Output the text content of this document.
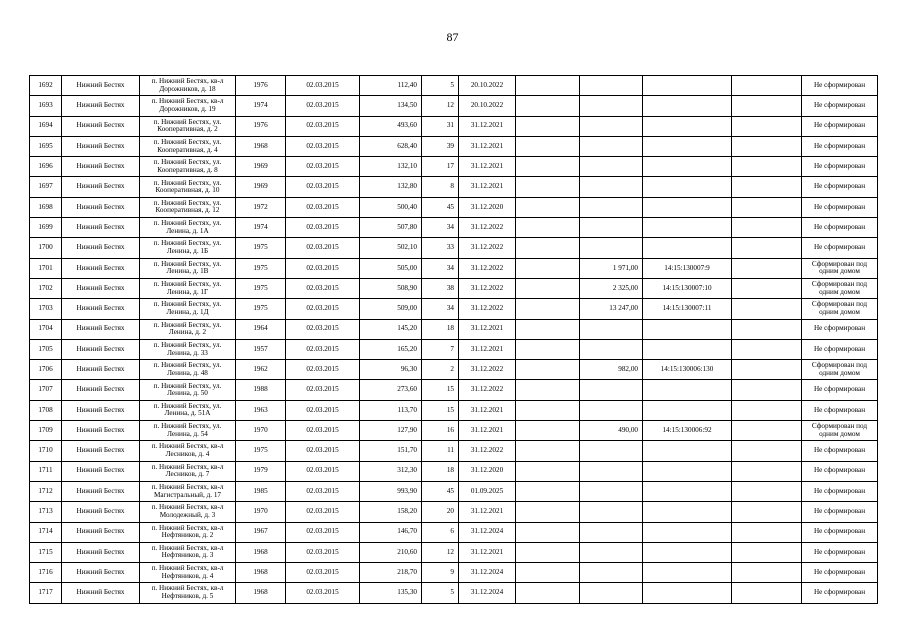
87
1692	Нижний Бестях	п. Нижний Бестях, кв-л Дорожников, д. 18	1976	02.03.2015	112,40	5	20.10.2022					Не сформирован
1693	Нижний Бестях	п. Нижний Бестях, кв-л Дорожников, д. 19	1974	02.03.2015	134,50	12	20.10.2022					Не сформирован
1694	Нижний Бестях	п. Нижний Бестях, ул. Кооперативная, д. 2	1976	02.03.2015	493,60	31	31.12.2021					Не сформирован
1695	Нижний Бестях	п. Нижний Бестях, ул. Кооперативная, д. 4	1968	02.03.2015	628,40	39	31.12.2021					Не сформирован
1696	Нижний Бестях	п. Нижний Бестях, ул. Кооперативная, д. 8	1969	02.03.2015	132,10	17	31.12.2021					Не сформирован
1697	Нижний Бестях	п. Нижний Бестях, ул. Кооперативная, д. 10	1969	02.03.2015	132,80	8	31.12.2021					Не сформирован
1698	Нижний Бестях	п. Нижний Бестях, ул. Кооперативная, д. 12	1972	02.03.2015	500,40	45	31.12.2020					Не сформирован
1699	Нижний Бестях	п. Нижний Бестях, ул. Ленина, д. 1А	1974	02.03.2015	507,80	34	31.12.2022					Не сформирован
1700	Нижний Бестях	п. Нижний Бестях, ул. Ленина, д. 1Б	1975	02.03.2015	502,10	33	31.12.2022					Не сформирован
1701	Нижний Бестях	п. Нижний Бестях, ул. Ленина, д. 1В	1975	02.03.2015	505,00	34	31.12.2022		1 971,00	14:15:130007:9		Сформирован под одним домом
1702	Нижний Бестях	п. Нижний Бестях, ул. Ленина, д. 1Г	1975	02.03.2015	508,90	38	31.12.2022		2 325,00	14:15:130007:10		Сформирован под одним домом
1703	Нижний Бестях	п. Нижний Бестях, ул. Ленина, д. 1Д	1975	02.03.2015	509,00	34	31.12.2022		13 247,00	14:15:130007:11		Сформирован под одним домом
1704	Нижний Бестях	п. Нижний Бестях, ул. Ленина, д. 2	1964	02.03.2015	145,20	18	31.12.2021					Не сформирован
1705	Нижний Бестях	п. Нижний Бестях, ул. Ленина, д. 33	1957	02.03.2015	165,20	7	31.12.2021					Не сформирован
1706	Нижний Бестях	п. Нижний Бестях, ул. Ленина, д. 48	1962	02.03.2015	96,30	2	31.12.2022		982,00	14:15:130006:130		Сформирован под одним домом
1707	Нижний Бестях	п. Нижний Бестях, ул. Ленина, д. 50	1988	02.03.2015	273,60	15	31.12.2022					Не сформирован
1708	Нижний Бестях	п. Нижний Бестях, ул. Ленина, д. 51А	1963	02.03.2015	113,70	15	31.12.2021					Не сформирован
1709	Нижний Бестях	п. Нижний Бестях, ул. Ленина, д. 54	1970	02.03.2015	127,90	16	31.12.2021		490,00	14:15:130006:92		Сформирован под одним домом
1710	Нижний Бестях	п. Нижний Бестях, кв-л Лесников, д. 4	1975	02.03.2015	151,70	11	31.12.2022					Не сформирован
1711	Нижний Бестях	п. Нижний Бестях, кв-л Лесников, д. 7	1979	02.03.2015	312,30	18	31.12.2020					Не сформирован
1712	Нижний Бестях	п. Нижний Бестях, кв-л Магистральный, д. 17	1985	02.03.2015	993,90	45	01.09.2025					Не сформирован
1713	Нижний Бестях	п. Нижний Бестях, кв-л Молодежный, д. 3	1970	02.03.2015	158,20	20	31.12.2021					Не сформирован
1714	Нижний Бестях	п. Нижний Бестях, кв-л Нефтяников, д. 2	1967	02.03.2015	146,70	6	31.12.2024					Не сформирован
1715	Нижний Бестях	п. Нижний Бестях, кв-л Нефтяников, д. 3	1968	02.03.2015	210,60	12	31.12.2021					Не сформирован
1716	Нижний Бестях	п. Нижний Бестях, кв-л Нефтяников, д. 4	1968	02.03.2015	218,70	9	31.12.2024					Не сформирован
1717	Нижний Бестях	п. Нижний Бестях, кв-л Нефтяников, д. 5	1968	02.03.2015	135,30	5	31.12.2024					Не сформирован
